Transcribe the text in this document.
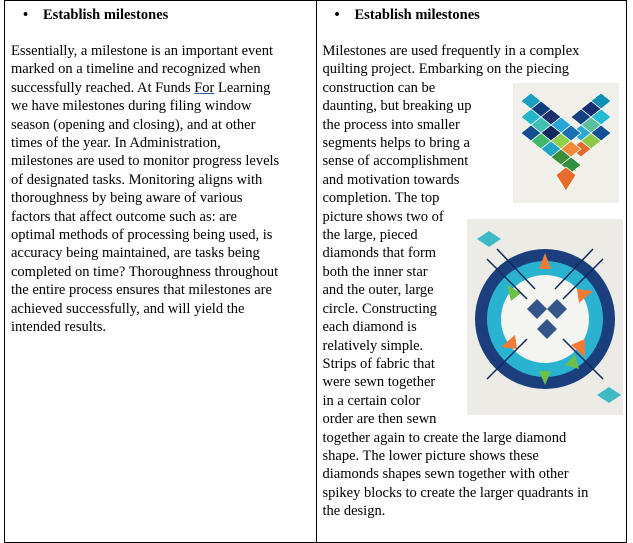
• Establish milestones
Essentially, a milestone is an important event
marked on a timeline and recognized when
successfully reached. At Funds For Learning
we have milestones during filing window
season (opening and closing), and at other
times of the year. In Administration,
milestones are used to monitor progress levels
of designated tasks. Monitoring aligns with
thoroughness by being aware of various
factors that affect outcome such as: are
optimal methods of processing being used, is
accuracy being maintained, are tasks being
completed on time? Thoroughness throughout
the entire process ensures that milestones are
achieved successfully, and will yield the
intended results.

• Establish milestones
Milestones are used frequently in a complex
quilting project. Embarking on the piecing
construction can be
daunting, but breaking up
the process into smaller
segments helps to bring a
sense of accomplishment
and motivation towards
completion. The top
picture shows two of
the large, pieced
diamonds that form
both the inner star
and the outer, large
circle. Constructing
each diamond is
relatively simple.
Strips of fabric that
were sewn together
in a certain color
order are then sewn
together again to create the large diamond
shape. The lower picture shows these
diamonds shapes sewn together with other
spikey blocks to create the larger quadrants in
the design.
